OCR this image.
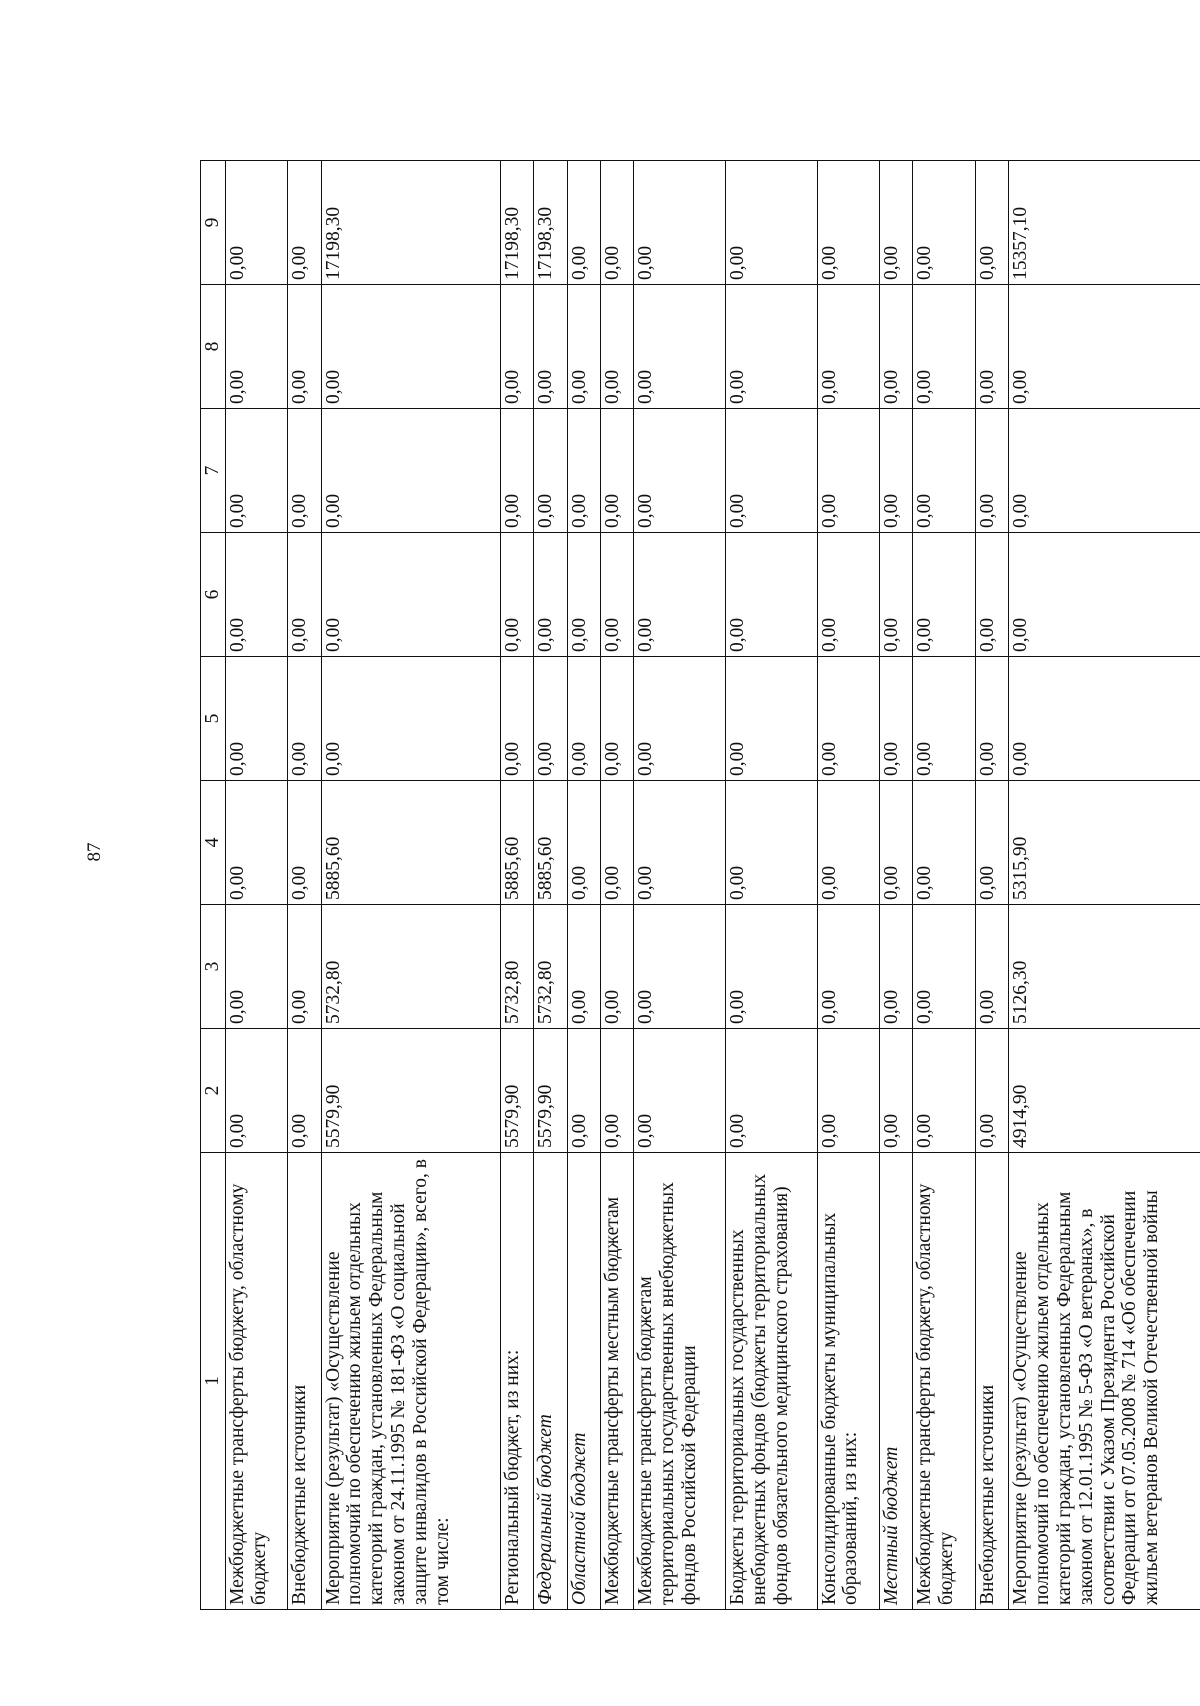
87
1	2	3	4	5	6	7	8	9
Межбюджетные трансферты бюджету, областному бюджету	0,00	0,00	0,00	0,00	0,00	0,00	0,00	0,00
Внебюджетные источники	0,00	0,00	0,00	0,00	0,00	0,00	0,00	0,00
Мероприятие (результат) «Осуществление полномочий по обеспечению жильем отдельных категорий граждан, установленных Федеральным законом от 24.11.1995 № 181-ФЗ «О социальной защите инвалидов в Российской Федерации», всего, в том числе:	5579,90	5732,80	5885,60	0,00	0,00	0,00	0,00	17198,30
Региональный бюджет, из них:	5579,90	5732,80	5885,60	0,00	0,00	0,00	0,00	17198,30
Федеральный бюджет	5579,90	5732,80	5885,60	0,00	0,00	0,00	0,00	17198,30
Областной бюджет	0,00	0,00	0,00	0,00	0,00	0,00	0,00	0,00
Межбюджетные трансферты местным бюджетам	0,00	0,00	0,00	0,00	0,00	0,00	0,00	0,00
Межбюджетные трансферты бюджетам территориальных государственных внебюджетных фондов Российской Федерации	0,00	0,00	0,00	0,00	0,00	0,00	0,00	0,00
Бюджеты территориальных государственных внебюджетных фондов (бюджеты территориальных фондов обязательного медицинского страхования)	0,00	0,00	0,00	0,00	0,00	0,00	0,00	0,00
Консолидированные бюджеты муниципальных образований, из них:	0,00	0,00	0,00	0,00	0,00	0,00	0,00	0,00
Местный бюджет	0,00	0,00	0,00	0,00	0,00	0,00	0,00	0,00
Межбюджетные трансферты бюджету, областному бюджету	0,00	0,00	0,00	0,00	0,00	0,00	0,00	0,00
Внебюджетные источники	0,00	0,00	0,00	0,00	0,00	0,00	0,00	0,00
Мероприятие (результат) «Осуществление полномочий по обеспечению жильем отдельных категорий граждан, установленных Федеральным законом от 12.01.1995 № 5-ФЗ «О ветеранах», в соответствии с Указом Президента Российской Федерации от 07.05.2008 № 714 «Об обеспечении жильем ветеранов Великой Отечественной войны	4914,90	5126,30	5315,90	0,00	0,00	0,00	0,00	15357,10
